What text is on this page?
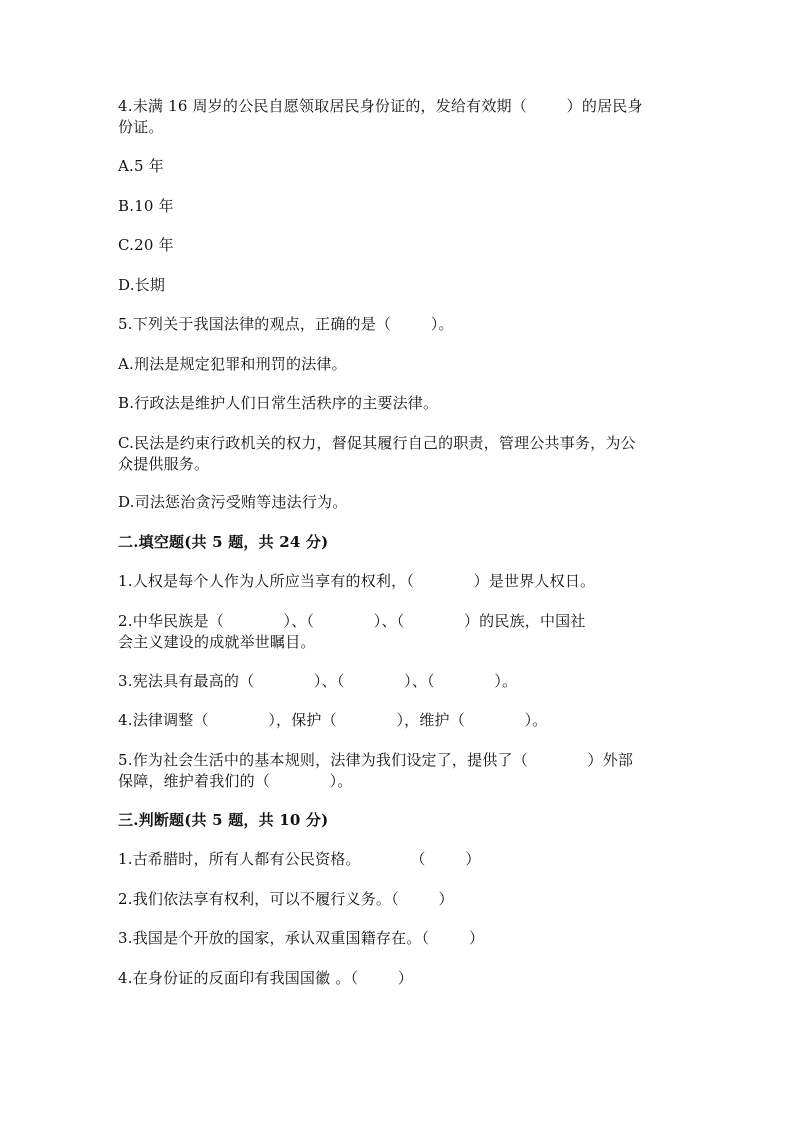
4.未满 16 周岁的公民自愿领取居民身份证的，发给有效期（        ）的居民身
份证。
A.5 年
B.10 年
C.20 年
D.长期
5.下列关于我国法律的观点，正确的是（        ）。
A.刑法是规定犯罪和刑罚的法律。
B.行政法是维护人们日常生活秩序的主要法律。
C.民法是约束行政机关的权力，督促其履行自己的职责，管理公共事务，为公
众提供服务。
D.司法惩治贪污受贿等违法行为。
二.填空题(共 5 题，共 24 分)
1.人权是每个人作为人所应当享有的权利，（            ）是世界人权日。
2.中华民族是（            ）、（            ）、（            ）的民族，中国社
会主义建设的成就举世瞩目。
3.宪法具有最高的（            ）、（            ）、（            ）。
4.法律调整（            ），保护（            ），维护（            ）。
5.作为社会生活中的基本规则，法律为我们设定了，提供了（            ）外部
保障，维护着我们的（            ）。
三.判断题(共 5 题，共 10 分)
1.古希腊时，所有人都有公民资格。          （        ）
2.我们依法享有权利，可以不履行义务。（        ）
3.我国是个开放的国家，承认双重国籍存在。（        ）
4.在身份证的反面印有我国国徽 。（        ）
